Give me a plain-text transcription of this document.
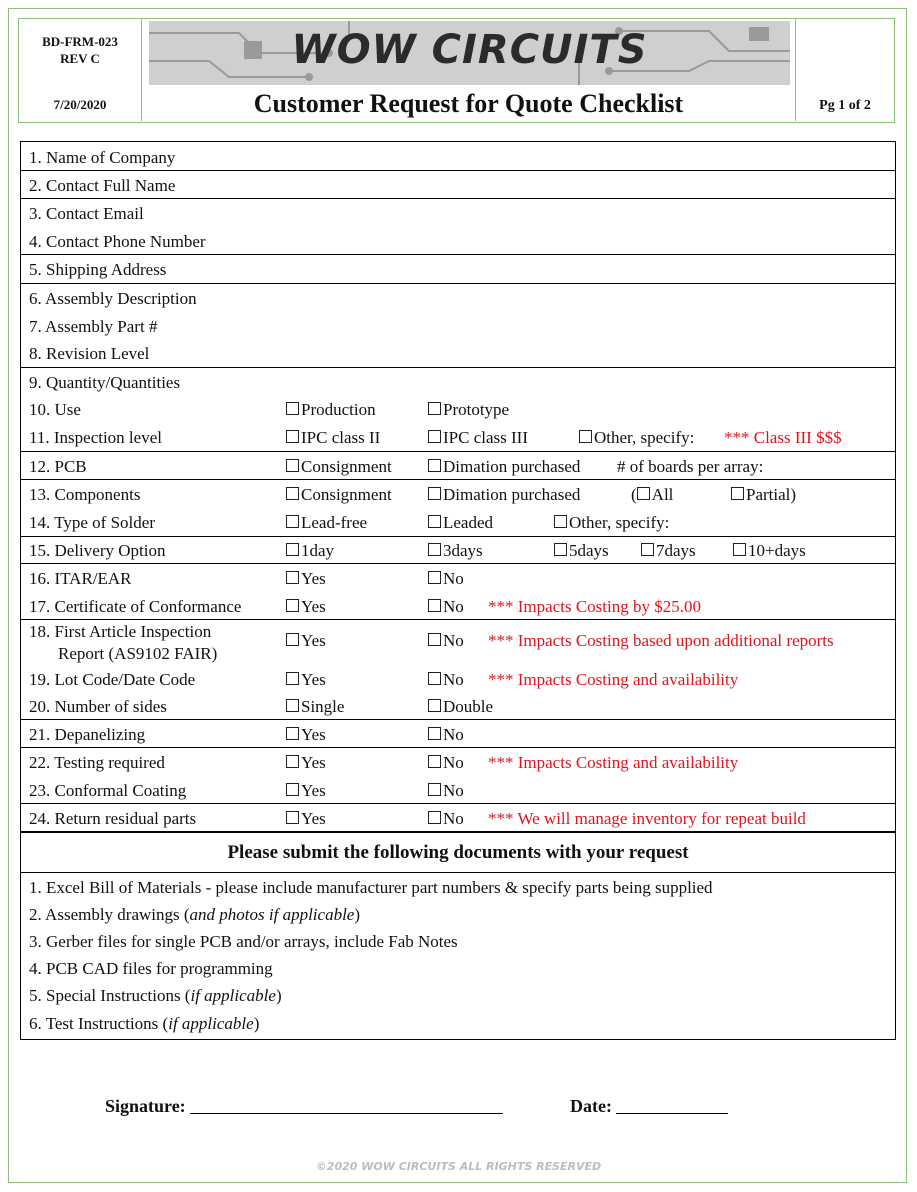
BD-FRM-023
REV C
7/20/2020
WOW CIRCUITS
Customer Request for Quote Checklist	Pg 1 of 2
1. Name of Company
2. Contact Full Name
3. Contact Email
4. Contact Phone Number
5. Shipping Address
6. Assembly Description
7. Assembly Part #
8. Revision Level
9. Quantity/Quantities
10. Use	Production	Prototype
11. Inspection level	IPC class II	IPC class III	Other, specify: *** Class III $$$
12. PCB	Consignment	Dimation purchased # of boards per array:
13. Components	Consignment	Dimation purchased	( All	Partial)
14. Type of Solder	Lead-free	Leaded	Other, specify:
15. Delivery Option	1day	3days	5days	7days	10+days
16. ITAR/EAR	Yes	No
17. Certificate of Conformance	Yes	No *** Impacts Costing by $25.00
18. First Article Inspection
Report (AS9102 FAIR)
Yes	No *** Impacts Costing based upon additional reports
19. Lot Code/Date Code	Yes	No *** Impacts Costing and availability
20. Number of sides	Single	Double
21. Depanelizing	Yes	No
22. Testing required	Yes	No *** Impacts Costing and availability
23. Conformal Coating	Yes	No
24. Return residual parts	Yes	No *** We will manage inventory for repeat build
Please submit the following documents with your request
1. Excel Bill of Materials - please include manufacturer part numbers & specify parts being supplied
2. Assembly drawings (and photos if applicable)
3. Gerber files for single PCB and/or arrays, include Fab Notes
4. PCB CAD files for programming
5. Special Instructions (if applicable)
6. Test Instructions (if applicable)
Signature:	Date:
©2020 WOW CIRCUITS ALL RIGHTS RESERVED
